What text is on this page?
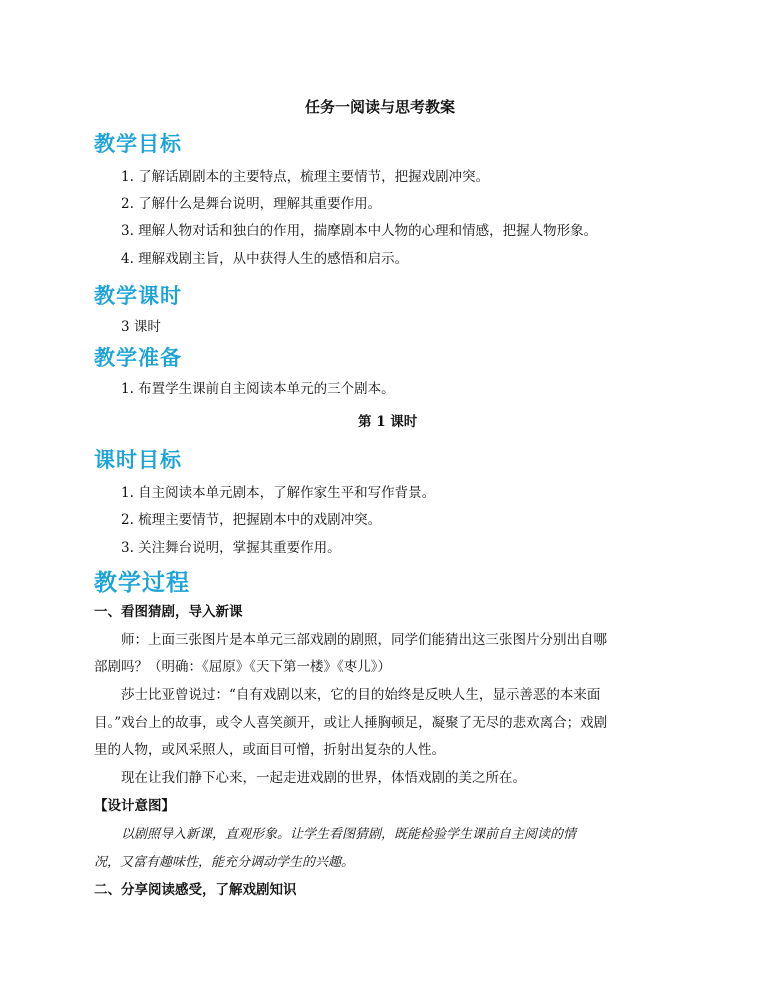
任务一阅读与思考教案
教学目标
1. 了解话剧剧本的主要特点，梳理主要情节，把握戏剧冲突。
2. 了解什么是舞台说明，理解其重要作用。
3. 理解人物对话和独白的作用，揣摩剧本中人物的心理和情感，把握人物形象。
4. 理解戏剧主旨，从中获得人生的感悟和启示。
教学课时
3 课时
教学准备
1. 布置学生课前自主阅读本单元的三个剧本。
第 1 课时
课时目标
1. 自主阅读本单元剧本，了解作家生平和写作背景。
2. 梳理主要情节，把握剧本中的戏剧冲突。
3. 关注舞台说明，掌握其重要作用。
教学过程
一、看图猜剧，导入新课
师：上面三张图片是本单元三部戏剧的剧照，同学们能猜出这三张图片分别出自哪
部剧吗？（明确：《屈原》《天下第一楼》《枣儿》）
莎士比亚曾说过：“自有戏剧以来，它的目的始终是反映人生，显示善恶的本来面
目。”戏台上的故事，或令人喜笑颜开，或让人捶胸顿足，凝聚了无尽的悲欢离合；戏剧
里的人物，或风采照人，或面目可憎，折射出复杂的人性。
现在让我们静下心来，一起走进戏剧的世界，体悟戏剧的美之所在。
【设计意图】
以剧照导入新课，直观形象。让学生看图猜剧，既能检验学生课前自主阅读的情
况，又富有趣味性，能充分调动学生的兴趣。
二、分享阅读感受，了解戏剧知识
